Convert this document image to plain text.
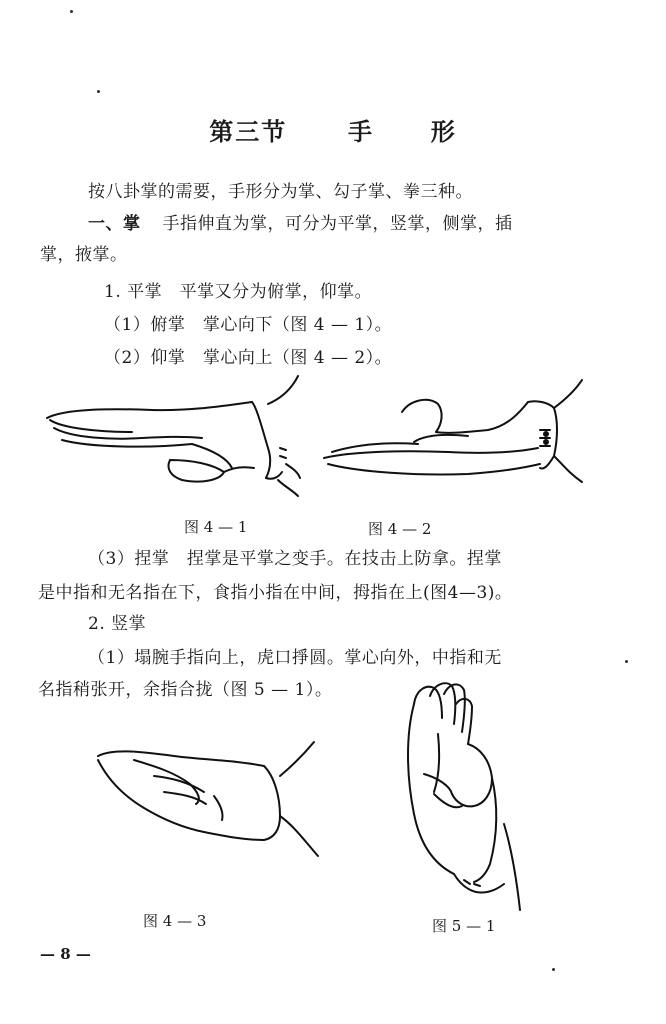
第三节	手 形
按八卦掌的需要，手形分为掌、勾子掌、拳三种。
一、掌 手指伸直为掌，可分为平掌，竖掌，侧掌，插
掌，掖掌。
1. 平掌　平掌又分为俯掌，仰掌。
（1）俯掌　掌心向下（图 4 — 1）。
（2）仰掌　掌心向上（图 4 — 2）。
图 4 — 1	图 4 — 2
（3）捏掌　捏掌是平掌之变手。在技击上防拿。捏掌
是中指和无名指在下，食指小指在中间，拇指在上(图4—3)。
2. 竖掌
（1）塌腕手指向上，虎口掙圆。掌心向外，中指和无
名指稍张开，余指合拢（图 5 — 1）。
图 4 — 3	图 5 — 1
— 8 —
